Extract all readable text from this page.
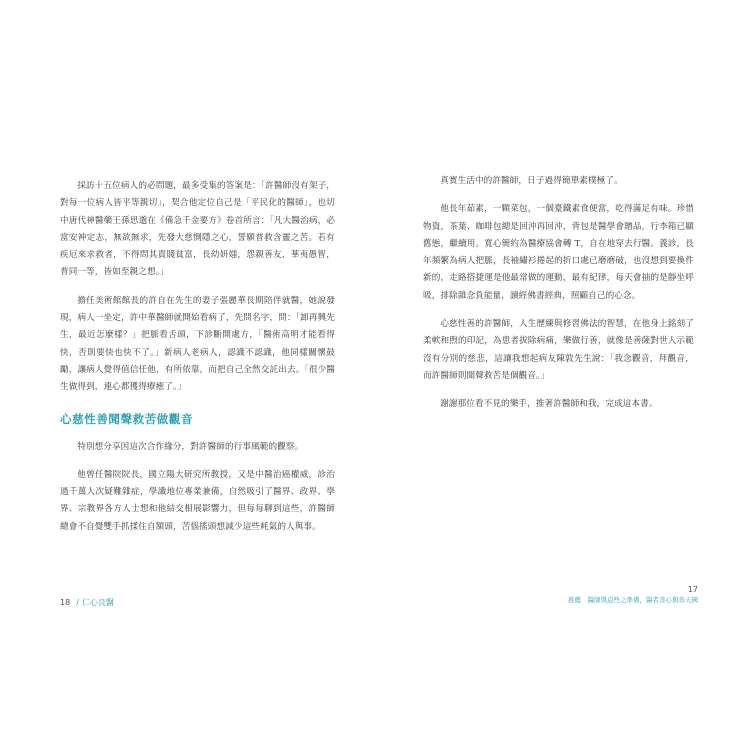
採訪十五位病人的必問題，最多受集的答案是：「許醫師沒有架子，對每一位病人皆平等親切」，契合他定位自己是「平民化的醫師」，也切中唐代神醫藥王孫思邈在《備急千金要方》卷首所言：「凡大醫治病，必當安神定志，無欲無求，先發大慈惻隱之心，誓願普救含靈之苦。若有疾厄來求救者，不得問其貴賤貧富，長幼妍媸，怨親善友，華夷愚智，普同一等，皆如至親之想。」

擔任美術館館長的許自在先生的妻子張麗華長期陪伴就醫，她說發現，病人一坐定，許中華醫師就開始看病了，先問名字，問：「卸再興先生，最近怎麼樣？」把脈看舌頭，下診斷開處方，「醫術高明才能看得快，否則要快也快不了。」新病人老病人，認識不認識，他同樣關懷鼓勵，讓病人覺得值信任他，有所依靠，而把自己全然交託出去。「很少醫生做得到，連心都獲得療癒了。」

心慈性善聞聲救苦做觀音

特別想分享因這次合作緣分，對許醫師的行事風範的觀察。

他曾任醫院院長，國立陽大研究所教授，又是中醫治癌權威，診治過千萬人次疑難雜症，學識地位專業兼備，自然吸引了醫界、政界、學界、宗教界各方人士想和他結交相展影響力，但每每聊到這些，許醫師總會不自覺雙手抓揉住自額頭，苦惱搖頭想減少這些耗氣的人與事。

18 / 仁心良醫

真實生活中的許醫師，日子過得簡單素樸極了。

他長年茹素，一顆菜包，一個臺鐵素食便當，吃得滿足有味。珍惜物資，茶葉、咖啡包總是回沖再回沖，背包是醫學會贈品，行李箱已顯舊態，繼續用。寬心簡約為醫療協會轉 T，自在地穿去行醫。義診，長年頻繁為病人把脈，長袖繡衫捲起的折口處已磨磨破，也沒想到要換件新的，走路搭捷運是他最常做的運動，最有紀律，每天會抽的是靜坐呼吸，排除雜念負能量，讀經佛書經典，照顧自己的心念。

心慈性善的許醫師，人生歷練與修習佛法的智慧，在他身上銘刻了柔軟和煦的印記，為患者拔除病痛，樂做行善，就像是善薩對世人示範沒有分別的慈悲，這讓我想起病友陳敦先生說：「我念觀音，拜觀音，而許醫師則聞聲救苦是個觀音。」

謝謝那位看不見的樂手，推著許醫師和我，完成這本書。

17
推薦　醫師與這些之準備，醫者善心與善天國
